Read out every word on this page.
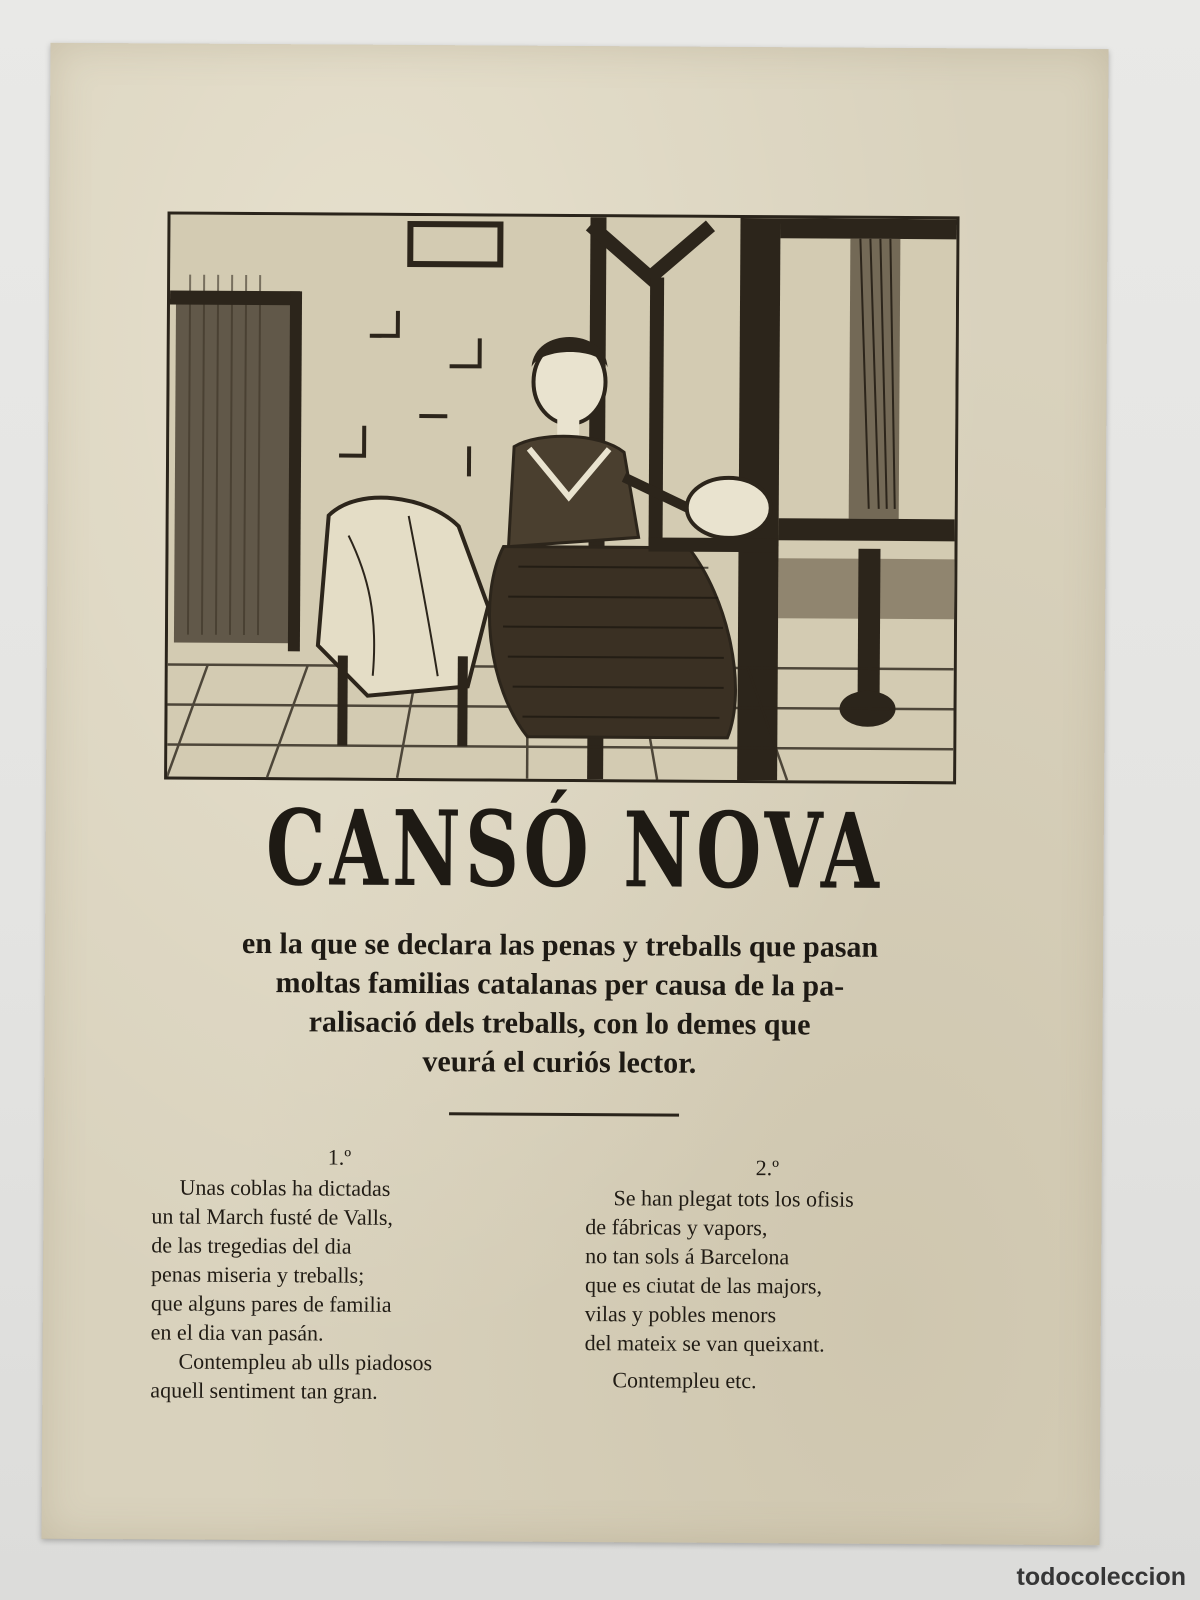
CANSÓ NOVA
en la que se declara las penas y treballs que pasan
moltas familias catalanas per causa de la pa-
ralisació dels treballs, con lo demes que
veurá el curiós lector.
1.º
Unas coblas ha dictadas
un tal March fusté de Valls,
de las tregedias del dia
penas miseria y treballs;
que alguns pares de familia
en el dia van pasán.
Contempleu ab ulls piadosos
aquell sentiment tan gran.
2.º
Se han plegat tots los ofisis
de fábricas y vapors,
no tan sols á Barcelona
que es ciutat de las majors,
vilas y pobles menors
del mateix se van queixant.
Contempleu etc.
todocoleccion
